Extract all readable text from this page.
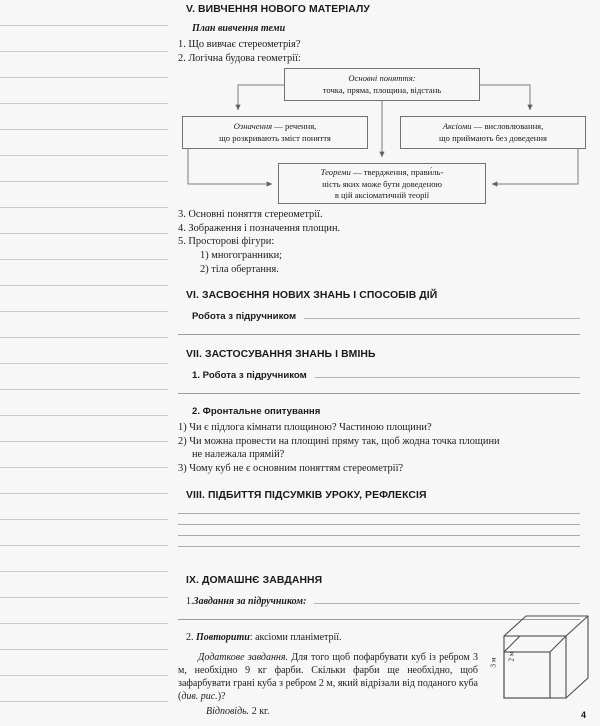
V. ВИВЧЕННЯ НОВОГО МАТЕРІАЛУ
План вивчення теми
1. Що вивчає стереометрія?
2. Логічна будова геометрії:
Основні поняття:
точка, пряма, площина, відстань
Означення — речення,
що розкривають зміст поняття
Аксіоми — висловлювання,
що приймають без доведення
Теореми — твердження, прави́ль-
ність яких може бути доведеною
в цій аксіоматичній теорії
3. Основні поняття стереометрії.
4. Зображення і позначення площин.
5. Просторові фігури:
1) многогранники;
2) тіла обертання.
VI. ЗАСВОЄННЯ НОВИХ ЗНАНЬ І СПОСОБІВ ДІЙ
Робота з підручником
VII. ЗАСТОСУВАННЯ ЗНАНЬ І ВМІНЬ
1. Робота з підручником
2. Фронтальне опитування
1) Чи є підлога кімнати площиною? Частиною площини?
2) Чи можна провести на площині пряму так, щоб жодна точка площини
не належала прямій?
3) Чому куб не є основним поняттям стереометрії?
VIII. ПІДБИТТЯ ПІДСУМКІВ УРОКУ, РЕФЛЕКСІЯ
IX. ДОМАШНЄ ЗАВДАННЯ
1. Завдання за підручником:
2. Повторити: аксіоми планіметрії.
Додаткове завдання. Для того щоб пофарбувати куб із ребром 3 м, необхідно 9 кг фарби. Скільки фарби ще необхідно, щоб зафарбувати грані куба з ребром 2 м, який відрізали від поданого куба (див. рис.)?
Відповідь. 2 кг.
3 м
2 м
4
